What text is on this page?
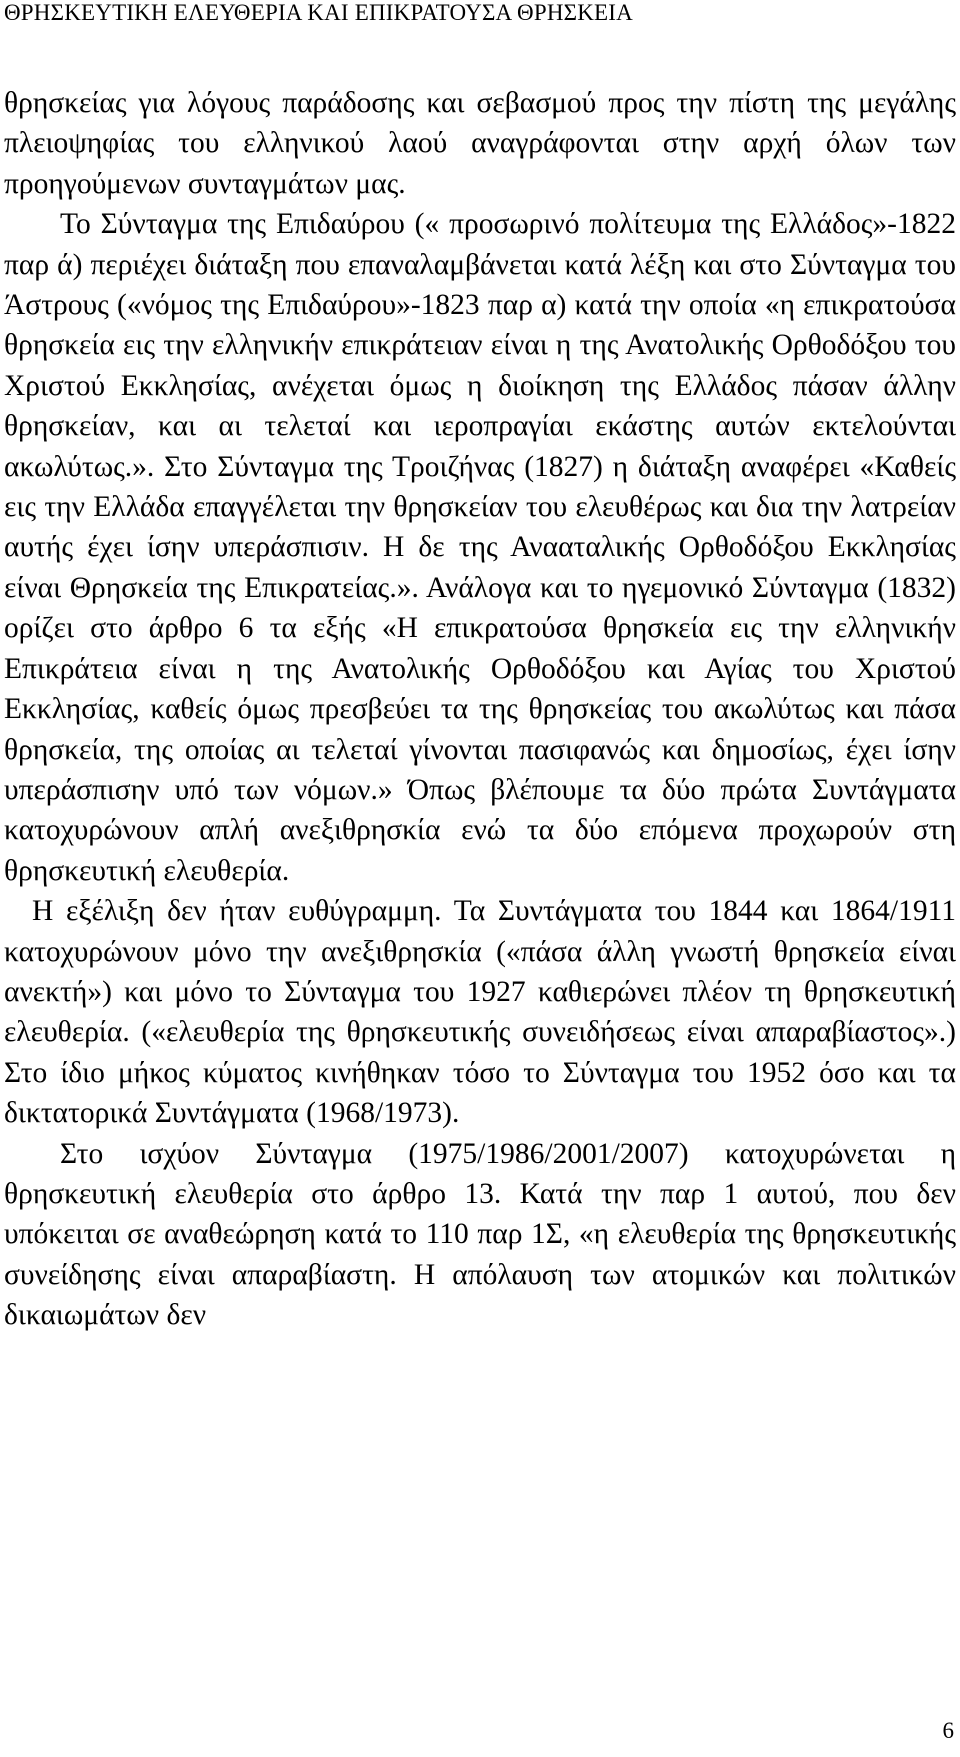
ΘΡΗΣΚΕΥΤΙΚΗ ΕΛΕΥΘΕΡΙΑ ΚΑΙ ΕΠΙΚΡΑΤΟΥΣΑ ΘΡΗΣΚΕΙΑ

θρησκείας για λόγους παράδοσης και σεβασμού προς την πίστη της μεγάλης πλειοψηφίας του ελληνικού λαού αναγράφονται στην αρχή όλων των προηγούμενων συνταγμάτων μας.

Το Σύνταγμα της Επιδαύρου (« προσωρινό πολίτευμα της Ελλάδος»-1822 παρ ά) περιέχει διάταξη που επαναλαμβάνεται κατά λέξη και στο Σύνταγμα του Άστρους («νόμος της Επιδαύρου»-1823 παρ α) κατά την οποία «η επικρατούσα θρησκεία εις την ελληνικήν επικράτειαν είναι η της Ανατολικής Ορθοδόξου του Χριστού Εκκλησίας, ανέχεται όμως η διοίκηση της Ελλάδος πάσαν άλλην θρησκείαν, και αι τελεταί και ιεροπραγίαι εκάστης αυτών εκτελούνται ακωλύτως.». Στο Σύνταγμα της Τροιζήνας (1827) η διάταξη αναφέρει «Καθείς εις την Ελλάδα επαγγέλεται την θρησκείαν του ελευθέρως και δια την λατρείαν αυτής έχει ίσην υπεράσπισιν. Η δε της Ανααταλικής Ορθοδόξου Εκκλησίας είναι Θρησκεία της Επικρατείας.». Ανάλογα και το ηγεμονικό Σύνταγμα (1832) ορίζει στο άρθρο 6 τα εξής «Η επικρατούσα θρησκεία εις την ελληνικήν Επικράτεια είναι η της Ανατολικής Ορθοδόξου και Αγίας του Χριστού Εκκλησίας, καθείς όμως πρεσβεύει τα της θρησκείας του ακωλύτως και πάσα θρησκεία, της οποίας αι τελεταί γίνονται πασιφανώς και δημοσίως, έχει ίσην υπεράσπισην υπό των νόμων.» Όπως βλέπουμε τα δύο πρώτα Συντάγματα κατοχυρώνουν απλή ανεξιθρησκία ενώ τα δύο επόμενα προχωρούν στη θρησκευτική ελευθερία.

Η εξέλιξη δεν ήταν ευθύγραμμη. Τα Συντάγματα του 1844 και 1864/1911 κατοχυρώνουν μόνο την ανεξιθρησκία («πάσα άλλη γνωστή θρησκεία είναι ανεκτή») και μόνο το Σύνταγμα του 1927 καθιερώνει πλέον τη θρησκευτική ελευθερία. («ελευθερία της θρησκευτικής συνειδήσεως είναι απαραβίαστος».) Στο ίδιο μήκος κύματος κινήθηκαν τόσο το Σύνταγμα του 1952 όσο και τα δικτατορικά Συντάγματα (1968/1973).

Στο ισχύον Σύνταγμα (1975/1986/2001/2007) κατοχυρώνεται η θρησκευτική ελευθερία στο άρθρο 13. Κατά την παρ 1 αυτού, που δεν υπόκειται σε αναθεώρηση κατά το 110 παρ 1Σ, «η ελευθερία της θρησκευτικής συνείδησης είναι απαραβίαστη. Η απόλαυση των ατομικών και πολιτικών δικαιωμάτων δεν

6
